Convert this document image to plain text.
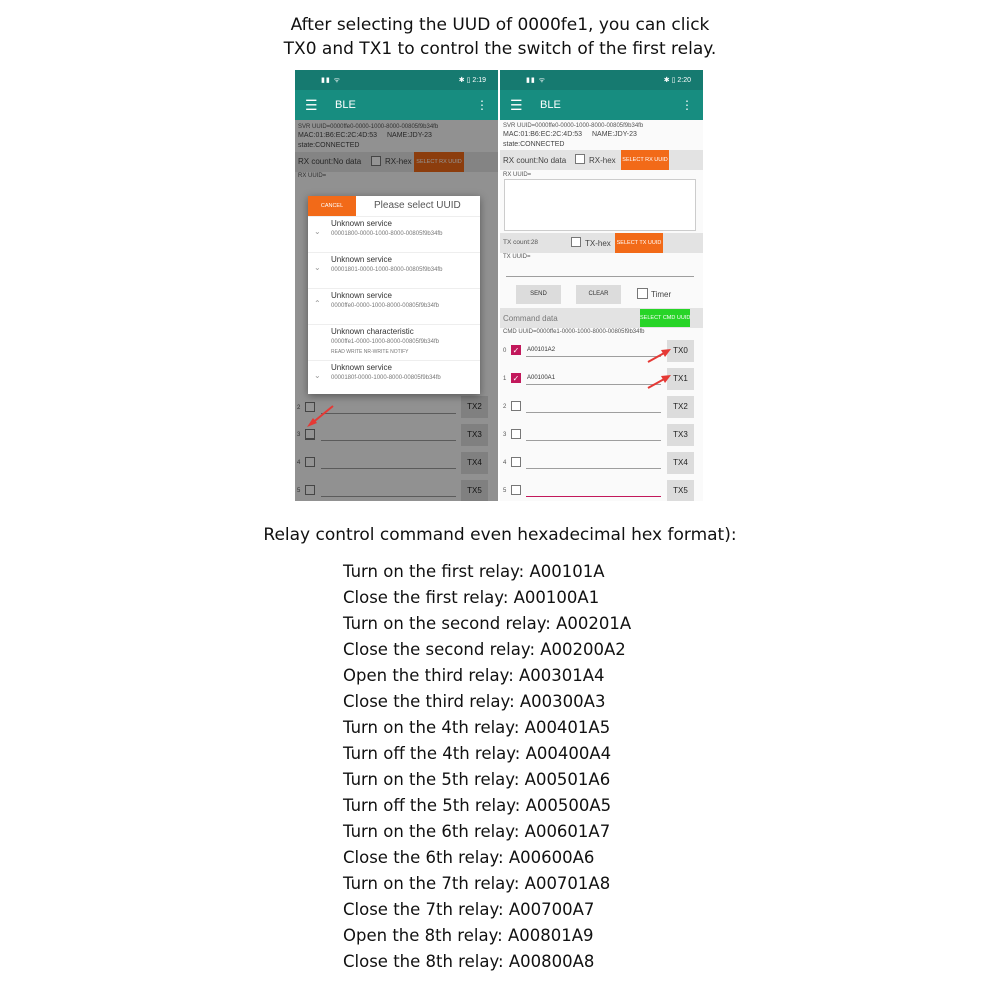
After selecting the UUD of 0000fe1, you can click
TX0 and TX1 to control the switch of the first relay.
▮▮ ᯤ	✱ ▯ 2:19
☰ BLE	⋮
SVR UUID=0000ffe0-0000-1000-8000-00805f9b34fb
MAC:01:B6:EC:2C:4D:53 NAME:JDY-23
state:CONNECTED
RX count:No data	RX-hex SELECT RX UUID
RX UUID=
2	TX2
3	TX3
4	TX4
5	TX5
CANCEL	Please select UUID
⌄
Unknown service
00001800-0000-1000-8000-00805f9b34fb
⌄
Unknown service
00001801-0000-1000-8000-00805f9b34fb
⌃
Unknown service
0000ffe0-0000-1000-8000-00805f9b34fb
Unknown characteristic
0000ffe1-0000-1000-8000-00805f9b34fb
READ WRITE NR-WRITE NOTIFY
⌄
Unknown service
0000180f-0000-1000-8000-00805f9b34fb
▮▮ ᯤ	✱ ▯ 2:20
☰ BLE	⋮
SVR UUID=0000ffe0-0000-1000-8000-00805f9b34fb
MAC:01:B6:EC:2C:4D:53 NAME:JDY-23
state:CONNECTED
RX count:No data	RX-hex SELECT RX UUID
RX UUID=
TX count:28	TX-hex SELECT TX UUID
TX UUID=
SEND	CLEAR	Timer
Command data	SELECT CMD UUID
CMD UUID=0000ffe1-0000-1000-8000-00805f9b34fb
0 ✓ A00101A2	TX0
1 ✓ A00100A1	TX1
2	TX2
3	TX3
4	TX4
5	TX5
Relay control command even hexadecimal hex format):
Turn on the first relay: A00101A
Close the first relay: A00100A1
Turn on the second relay: A00201A
Close the second relay: A00200A2
Open the third relay: A00301A4
Close the third relay: A00300A3
Turn on the 4th relay: A00401A5
Turn off the 4th relay: A00400A4
Turn on the 5th relay: A00501A6
Turn off the 5th relay: A00500A5
Turn on the 6th relay: A00601A7
Close the 6th relay: A00600A6
Turn on the 7th relay: A00701A8
Close the 7th relay: A00700A7
Open the 8th relay: A00801A9
Close the 8th relay: A00800A8
